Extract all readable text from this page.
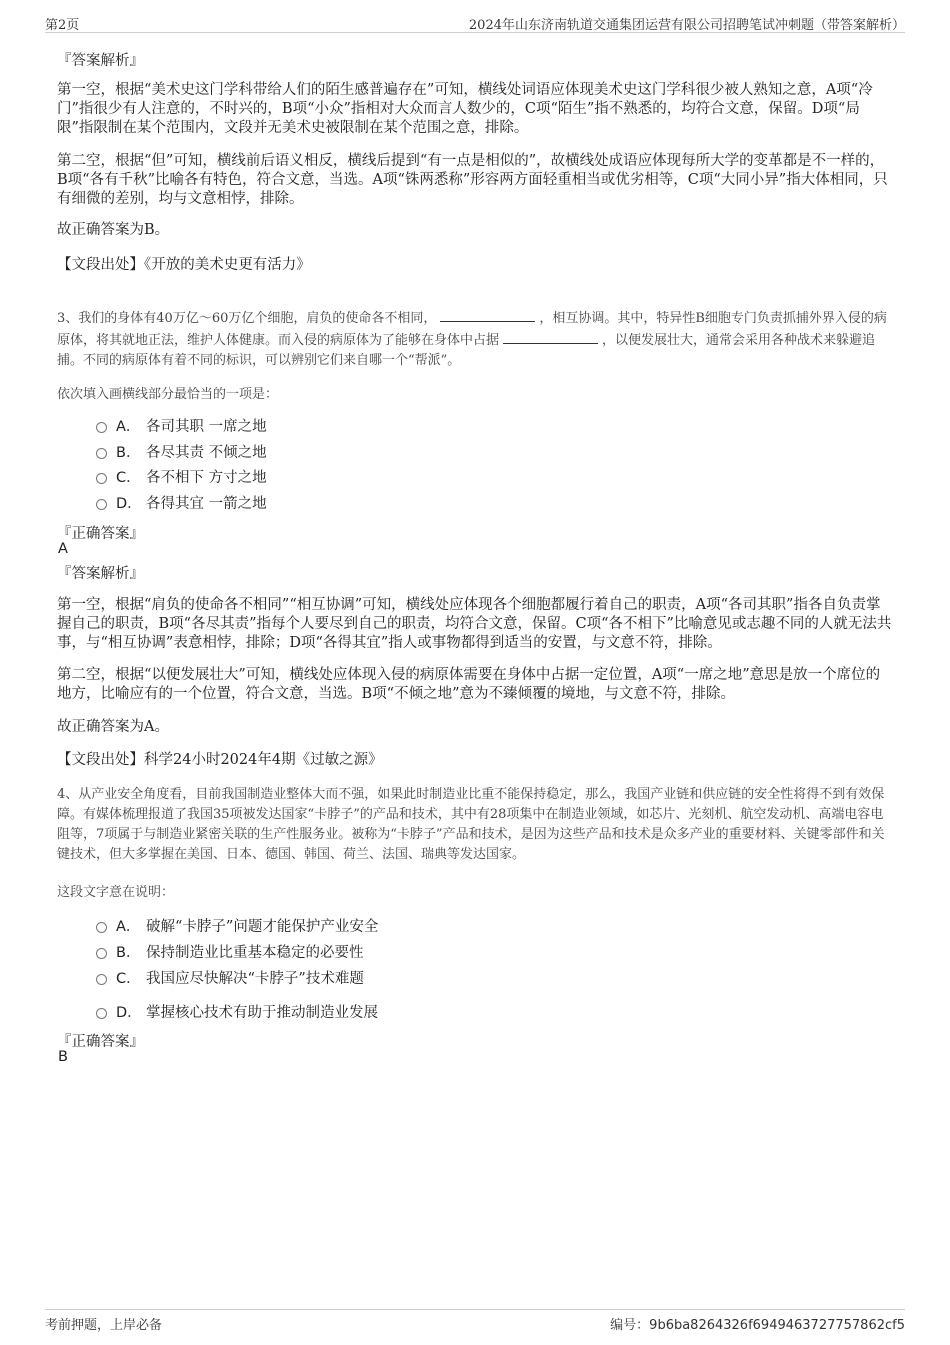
第2页	2024年山东济南轨道交通集团运营有限公司招聘笔试冲刺题（带答案解析）
『答案解析』
第一空，根据“美术史这门学科带给人们的陌生感普遍存在”可知，横线处词语应体现美术史这门学科很少被人熟知之意，A项“冷门”指很少有人注意的，不时兴的，B项“小众”指相对大众而言人数少的，C项“陌生”指不熟悉的，均符合文意，保留。D项“局限”指限制在某个范围内，文段并无美术史被限制在某个范围之意，排除。
第二空，根据“但”可知，横线前后语义相反，横线后提到“有一点是相似的”，故横线处成语应体现每所大学的变革都是不一样的，B项“各有千秋”比喻各有特色，符合文意，当选。A项“铢两悉称”形容两方面轻重相当或优劣相等，C项“大同小异”指大体相同，只有细微的差别，均与文意相悖，排除。
故正确答案为B。
【文段出处】《开放的美术史更有活力》
3、我们的身体有40万亿～60万亿个细胞，肩负的使命各不相同，	，相互协调。其中，特异性B细胞专门负责抓捕外界入侵的病原体，将其就地正法，维护人体健康。而入侵的病原体为了能够在身体中占据	，以便发展壮大，通常会采用各种战术来躲避追捕。不同的病原体有着不同的标识，可以辨别它们来自哪一个“帮派”。
依次填入画横线部分最恰当的一项是：
A． 各司其职 一席之地
B． 各尽其责 不倾之地
C． 各不相下 方寸之地
D． 各得其宜 一箭之地
『正确答案』
A
『答案解析』
第一空，根据“肩负的使命各不相同”“相互协调”可知，横线处应体现各个细胞都履行着自己的职责，A项“各司其职”指各自负责掌握自己的职责，B项“各尽其责”指每个人要尽到自己的职责，均符合文意，保留。C项“各不相下”比喻意见或志趣不同的人就无法共事，与“相互协调”表意相悖，排除；D项“各得其宜”指人或事物都得到适当的安置，与文意不符，排除。
第二空，根据“以便发展壮大”可知，横线处应体现入侵的病原体需要在身体中占据一定位置，A项“一席之地”意思是放一个席位的地方，比喻应有的一个位置，符合文意，当选。B项“不倾之地”意为不臻倾覆的境地，与文意不符，排除。
故正确答案为A。
【文段出处】科学24小时2024年4期《过敏之源》
4、从产业安全角度看，目前我国制造业整体大而不强，如果此时制造业比重不能保持稳定，那么，我国产业链和供应链的安全性将得不到有效保障。有媒体梳理报道了我国35项被发达国家“卡脖子”的产品和技术，其中有28项集中在制造业领域，如芯片、光刻机、航空发动机、高端电容电阻等，7项属于与制造业紧密关联的生产性服务业。被称为“卡脖子”产品和技术，是因为这些产品和技术是众多产业的重要材料、关键零部件和关键技术，但大多掌握在美国、日本、德国、韩国、荷兰、法国、瑞典等发达国家。
这段文字意在说明：
A． 破解“卡脖子”问题才能保护产业安全
B． 保持制造业比重基本稳定的必要性
C． 我国应尽快解决“卡脖子”技术难题
D． 掌握核心技术有助于推动制造业发展
『正确答案』
B
考前押题，上岸必备	编号：9b6ba8264326f6949463727757862cf5
